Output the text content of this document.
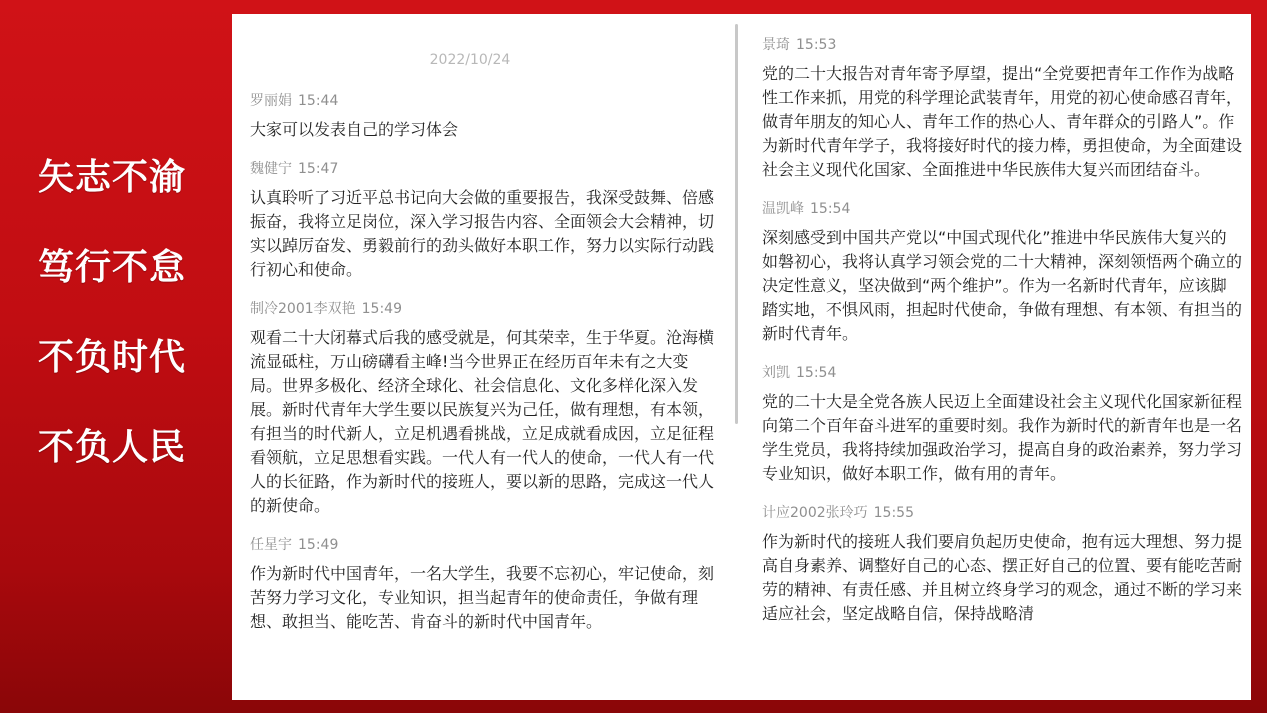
矢志不渝
笃行不怠
不负时代
不负人民
2022/10/24
罗丽娟 15:44
大家可以发表自己的学习体会
魏健宁 15:47
认真聆听了习近平总书记向大会做的重要报告，我深受鼓舞、倍感振奋，我将立足岗位，深入学习报告内容、全面领会大会精神，切实以踔厉奋发、勇毅前行的劲头做好本职工作，努力以实际行动践行初心和使命。
制冷2001李双艳 15:49
观看二十大闭幕式后我的感受就是，何其荣幸，生于华夏。沧海横流显砥柱，万山磅礴看主峰!当今世界正在经历百年未有之大变局。世界多极化、经济全球化、社会信息化、文化多样化深入发展。新时代青年大学生要以民族复兴为己任，做有理想，有本领，有担当的时代新人，立足机遇看挑战，立足成就看成因，立足征程看领航，立足思想看实践。一代人有一代人的使命，一代人有一代人的长征路，作为新时代的接班人，要以新的思路，完成这一代人的新使命。
任星宇 15:49
作为新时代中国青年，一名大学生，我要不忘初心，牢记使命，刻苦努力学习文化，专业知识，担当起青年的使命责任，争做有理想、敢担当、能吃苦、肯奋斗的新时代中国青年。
景琦 15:53
党的二十大报告对青年寄予厚望，提出“全党要把青年工作作为战略性工作来抓，用党的科学理论武装青年，用党的初心使命感召青年，做青年朋友的知心人、青年工作的热心人、青年群众的引路人”。作为新时代青年学子，我将接好时代的接力棒，勇担使命，为全面建设社会主义现代化国家、全面推进中华民族伟大复兴而团结奋斗。
温凯峰 15:54
深刻感受到中国共产党以“中国式现代化”推进中华民族伟大复兴的如磐初心，我将认真学习领会党的二十大精神，深刻领悟两个确立的决定性意义，坚决做到“两个维护”。作为一名新时代青年，应该脚踏实地，不惧风雨，担起时代使命，争做有理想、有本领、有担当的新时代青年。
刘凯 15:54
党的二十大是全党各族人民迈上全面建设社会主义现代化国家新征程向第二个百年奋斗进军的重要时刻。我作为新时代的新青年也是一名学生党员，我将持续加强政治学习，提高自身的政治素养，努力学习专业知识，做好本职工作，做有用的青年。
计应2002张玲巧 15:55
作为新时代的接班人我们要肩负起历史使命，抱有远大理想、努力提高自身素养、调整好自己的心态、摆正好自己的位置、要有能吃苦耐劳的精神、有责任感、并且树立终身学习的观念，通过不断的学习来适应社会，坚定战略自信，保持战略清
